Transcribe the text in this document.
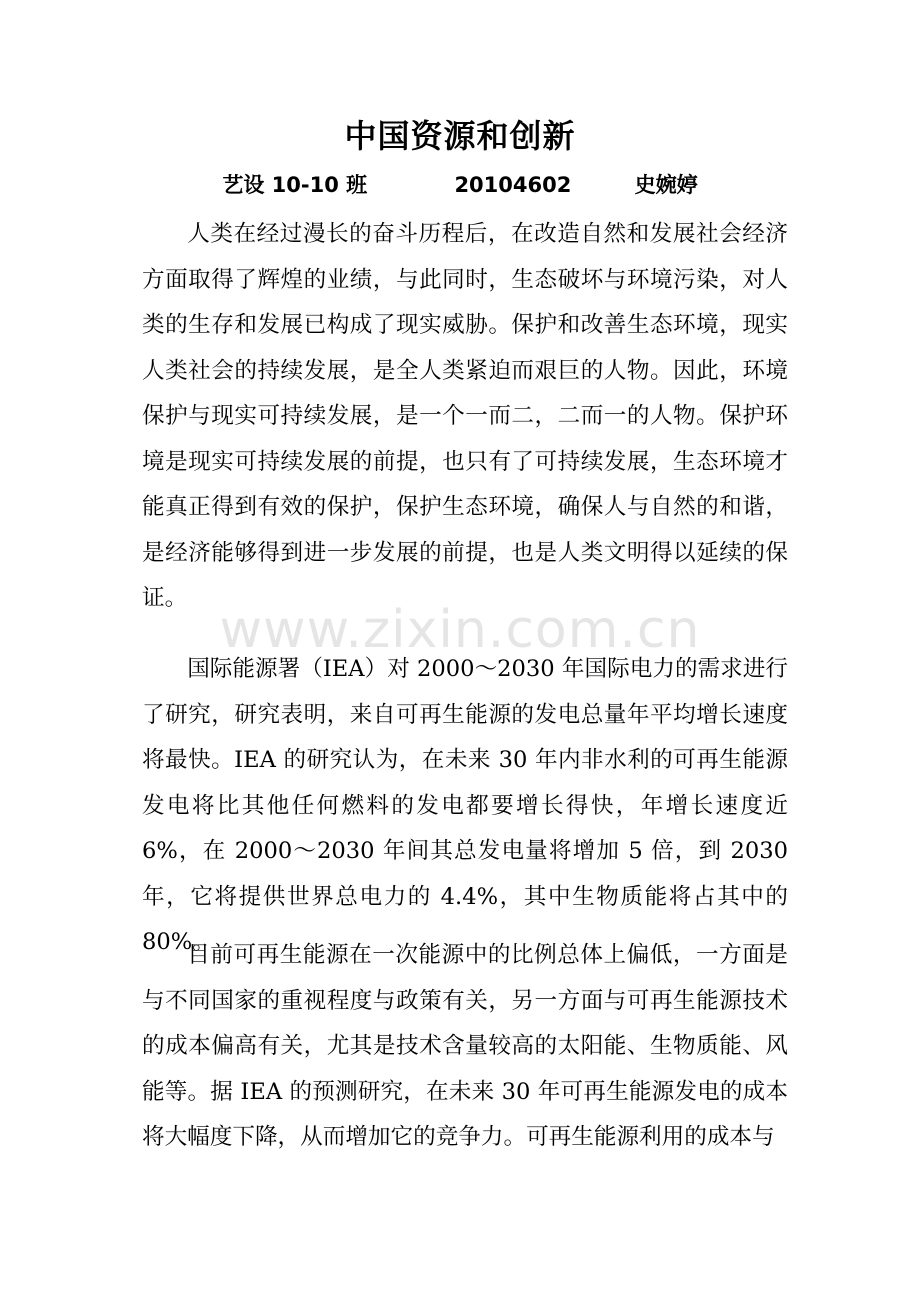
www.zixin.com.cn
中国资源和创新
艺设 10-10 班	20104602	史婉婷

人类在经过漫长的奋斗历程后，在改造自然和发展社会经济方面取得了辉煌的业绩，与此同时，生态破坏与环境污染，对人类的生存和发展已构成了现实威胁。保护和改善生态环境，现实人类社会的持续发展，是全人类紧迫而艰巨的人物。因此，环境保护与现实可持续发展，是一个一而二，二而一的人物。保护环境是现实可持续发展的前提，也只有了可持续发展，生态环境才能真正得到有效的保护，保护生态环境，确保人与自然的和谐，是经济能够得到进一步发展的前提，也是人类文明得以延续的保证。

国际能源署（IEA）对 2000～2030 年国际电力的需求进行了研究，研究表明，来自可再生能源的发电总量年平均增长速度将最快。IEA 的研究认为，在未来 30 年内非水利的可再生能源发电将比其他任何燃料的发电都要增长得快，年增长速度近 6%，在 2000～2030 年间其总发电量将增加 5 倍，到 2030 年，它将提供世界总电力的 4.4%，其中生物质能将占其中的 80%。

目前可再生能源在一次能源中的比例总体上偏低，一方面是与不同国家的重视程度与政策有关，另一方面与可再生能源技术的成本偏高有关，尤其是技术含量较高的太阳能、生物质能、风能等。据 IEA 的预测研究，在未来 30 年可再生能源发电的成本将大幅度下降，从而增加它的竞争力。可再生能源利用的成本与
